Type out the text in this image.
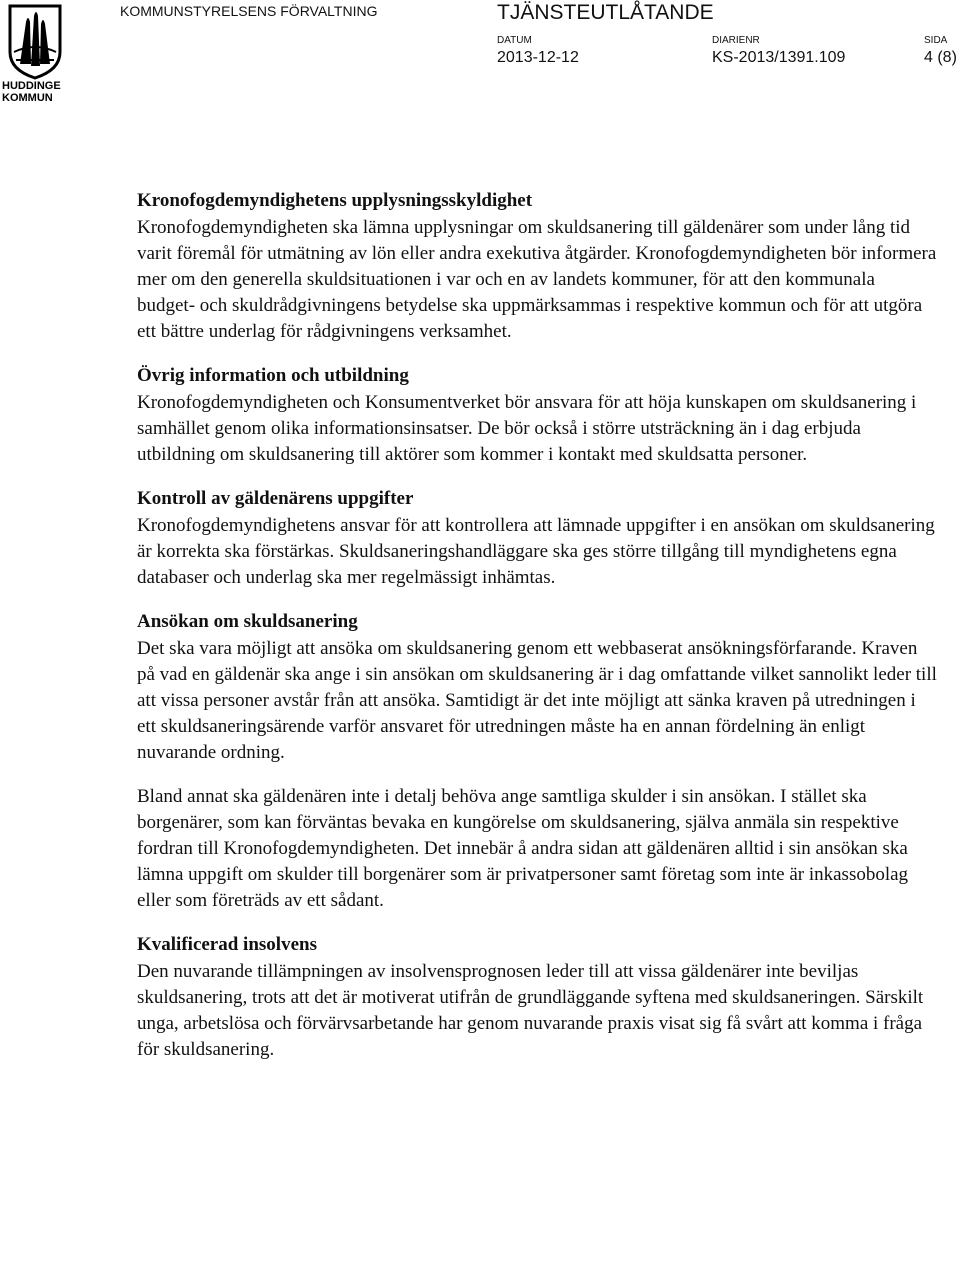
HUDDINGE
KOMMUN
KOMMUNSTYRELSENS FÖRVALTNING	TJÄNSTEUTLÅTANDE
DATUM
2013-12-12
DIARIENR
KS-2013/1391.109
SIDA
4 (8)
Kronofogdemyndighetens upplysningsskyldighet

Kronofogdemyndigheten ska lämna upplysningar om skuldsanering till gäldenärer som under lång tid varit föremål för utmätning av lön eller andra exekutiva åtgärder. Kronofogdemyndigheten bör informera mer om den generella skuldsituationen i var och en av landets kommuner, för att den kommunala budget- och skuldrådgivningens betydelse ska uppmärksammas i respektive kommun och för att utgöra ett bättre underlag för rådgivningens verksamhet.

Övrig information och utbildning

Kronofogdemyndigheten och Konsumentverket bör ansvara för att höja kunskapen om skuldsanering i samhället genom olika informationsinsatser. De bör också i större utsträckning än i dag erbjuda utbildning om skuldsanering till aktörer som kommer i kontakt med skuldsatta personer.

Kontroll av gäldenärens uppgifter

Kronofogdemyndighetens ansvar för att kontrollera att lämnade uppgifter i en ansökan om skuldsanering är korrekta ska förstärkas. Skuldsaneringshandläggare ska ges större tillgång till myndighetens egna databaser och underlag ska mer regelmässigt inhämtas.

Ansökan om skuldsanering

Det ska vara möjligt att ansöka om skuldsanering genom ett webbaserat ansökningsförfarande. Kraven på vad en gäldenär ska ange i sin ansökan om skuldsanering är i dag omfattande vilket sannolikt leder till att vissa personer avstår från att ansöka. Samtidigt är det inte möjligt att sänka kraven på utredningen i ett skuldsaneringsärende varför ansvaret för utredningen måste ha en annan fördelning än enligt nuvarande ordning.

Bland annat ska gäldenären inte i detalj behöva ange samtliga skulder i sin ansökan. I stället ska borgenärer, som kan förväntas bevaka en kungörelse om skuldsanering, själva anmäla sin respektive fordran till Kronofogdemyndigheten. Det innebär å andra sidan att gäldenären alltid i sin ansökan ska lämna uppgift om skulder till borgenärer som är privatpersoner samt företag som inte är inkassobolag eller som företräds av ett sådant.

Kvalificerad insolvens

Den nuvarande tillämpningen av insolvensprognosen leder till att vissa gäldenärer inte beviljas skuldsanering, trots att det är motiverat utifrån de grundläggande syftena med skuldsaneringen. Särskilt unga, arbetslösa och förvärvsarbetande har genom nuvarande praxis visat sig få svårt att komma i fråga för skuldsanering.
